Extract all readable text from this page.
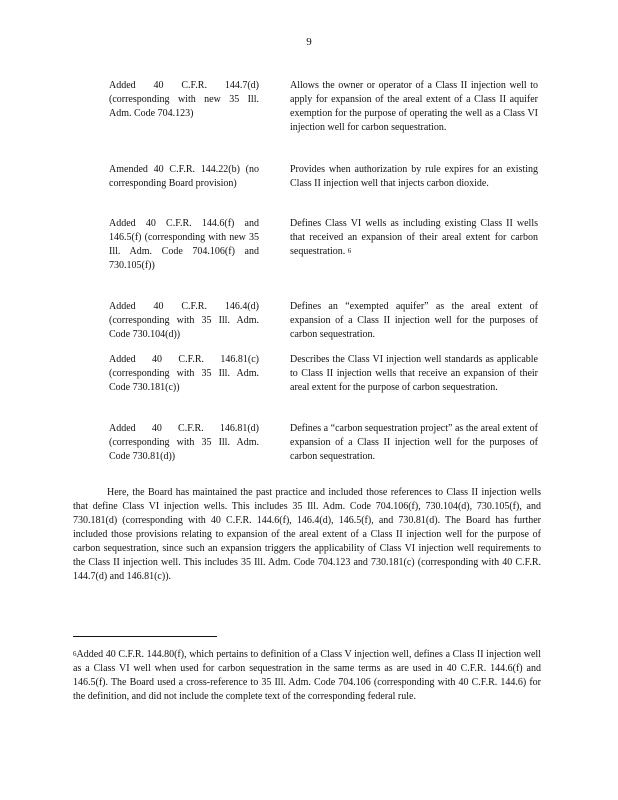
9
Added 40 C.F.R. 144.7(d) (corresponding with new 35 Ill. Adm. Code 704.123)
Allows the owner or operator of a Class II injection well to apply for expansion of the areal extent of a Class II aquifer exemption for the purpose of operating the well as a Class VI injection well for carbon sequestration.
Amended 40 C.F.R. 144.22(b) (no corresponding Board provision)
Provides when authorization by rule expires for an existing Class II injection well that injects carbon dioxide.
Added 40 C.F.R. 144.6(f) and 146.5(f) (corresponding with new 35 Ill. Adm. Code 704.106(f) and 730.105(f))
Defines Class VI wells as including existing Class II wells that received an expansion of their areal extent for carbon sequestration. $^6$
Added 40 C.F.R. 146.4(d) (corresponding with 35 Ill. Adm. Code 730.104(d))
Defines an “exempted aquifer” as the areal extent of expansion of a Class II injection well for the purposes of carbon sequestration.
Added 40 C.F.R. 146.81(c) (corresponding with 35 Ill. Adm. Code 730.181(c))
Describes the Class VI injection well standards as applicable to Class II injection wells that receive an expansion of their areal extent for the purpose of carbon sequestration.
Added 40 C.F.R. 146.81(d) (corresponding with 35 Ill. Adm. Code 730.81(d))
Defines a “carbon sequestration project” as the areal extent of expansion of a Class II injection well for the purposes of carbon sequestration.

Here, the Board has maintained the past practice and included those references to Class II injection wells that define Class VI injection wells. This includes 35 Ill. Adm. Code 704.106(f), 730.104(d), 730.105(f), and 730.181(d) (corresponding with 40 C.F.R. 144.6(f), 146.4(d), 146.5(f), and 730.81(d). The Board has further included those provisions relating to expansion of the areal extent of a Class II injection well for the purpose of carbon sequestration, since such an expansion triggers the applicability of Class VI injection well requirements to the Class II injection well. This includes 35 Ill. Adm. Code 704.123 and 730.181(c) (corresponding with 40 C.F.R. 144.7(d) and 146.81(c)).

$^6$Added 40 C.F.R. 144.80(f), which pertains to definition of a Class V injection well, defines a Class II injection well as a Class VI well when used for carbon sequestration in the same terms as are used in 40 C.F.R. 144.6(f) and 146.5(f). The Board used a cross-reference to 35 Ill. Adm. Code 704.106 (corresponding with 40 C.F.R. 144.6) for the definition, and did not include the complete text of the corresponding federal rule.
